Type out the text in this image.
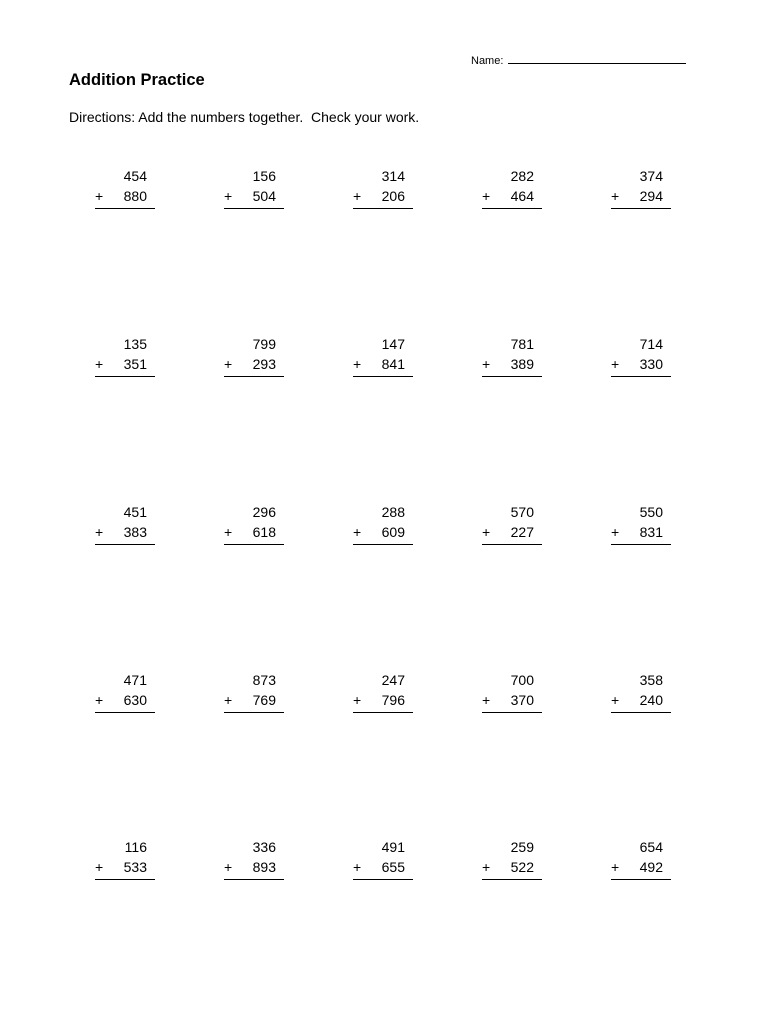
Name:
Addition Practice

Directions: Add the numbers together.  Check your work.

454
+ 880
156
+ 504
314
+ 206
282
+ 464
374
+ 294
135
+ 351
799
+ 293
147
+ 841
781
+ 389
714
+ 330
451
+ 383
296
+ 618
288
+ 609
570
+ 227
550
+ 831
471
+ 630
873
+ 769
247
+ 796
700
+ 370
358
+ 240
116
+ 533
336
+ 893
491
+ 655
259
+ 522
654
+ 492
